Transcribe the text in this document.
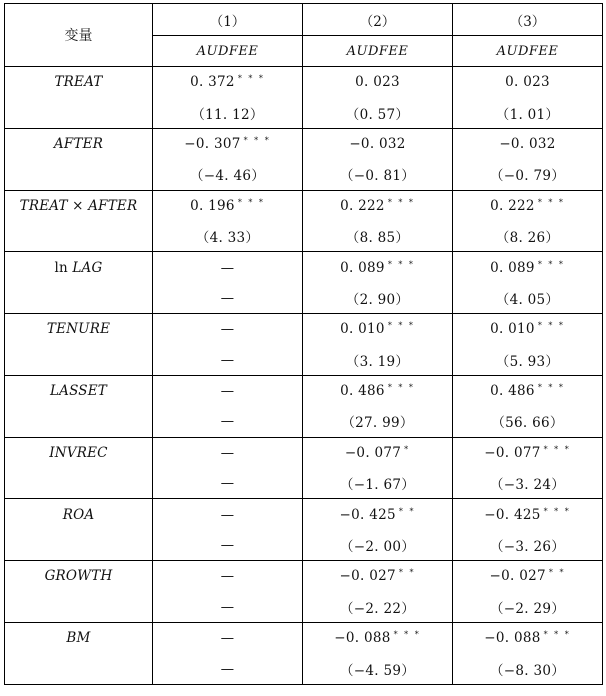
变量	（1）	（2）	（3）
	AUDFEE	AUDFEE	AUDFEE
TREAT	0. 372 * * *	0. 023	0. 023
	（11. 12）	（0. 57）	（1. 01）
AFTER	−0. 307 * * *	−0. 032	−0. 032
	（−4. 46）	（−0. 81）	（−0. 79）
TREAT × AFTER	0. 196 * * *	0. 222 * * *	0. 222 * * *
	（4. 33）	（8. 85）	（8. 26）
ln LAG	—	0. 089 * * *	0. 089 * * *
	—	（2. 90）	（4. 05）
TENURE	—	0. 010 * * *	0. 010 * * *
	—	（3. 19）	（5. 93）
LASSET	—	0. 486 * * *	0. 486 * * *
	—	（27. 99）	（56. 66）
INVREC	—	−0. 077 *	−0. 077 * * *
	—	（−1. 67）	（−3. 24）
ROA	—	−0. 425 * *	−0. 425 * * *
	—	（−2. 00）	（−3. 26）
GROWTH	—	−0. 027 * *	−0. 027 * *
	—	（−2. 22）	（−2. 29）
BM	—	−0. 088 * * *	−0. 088 * * *
	—	（−4. 59）	（−8. 30）
